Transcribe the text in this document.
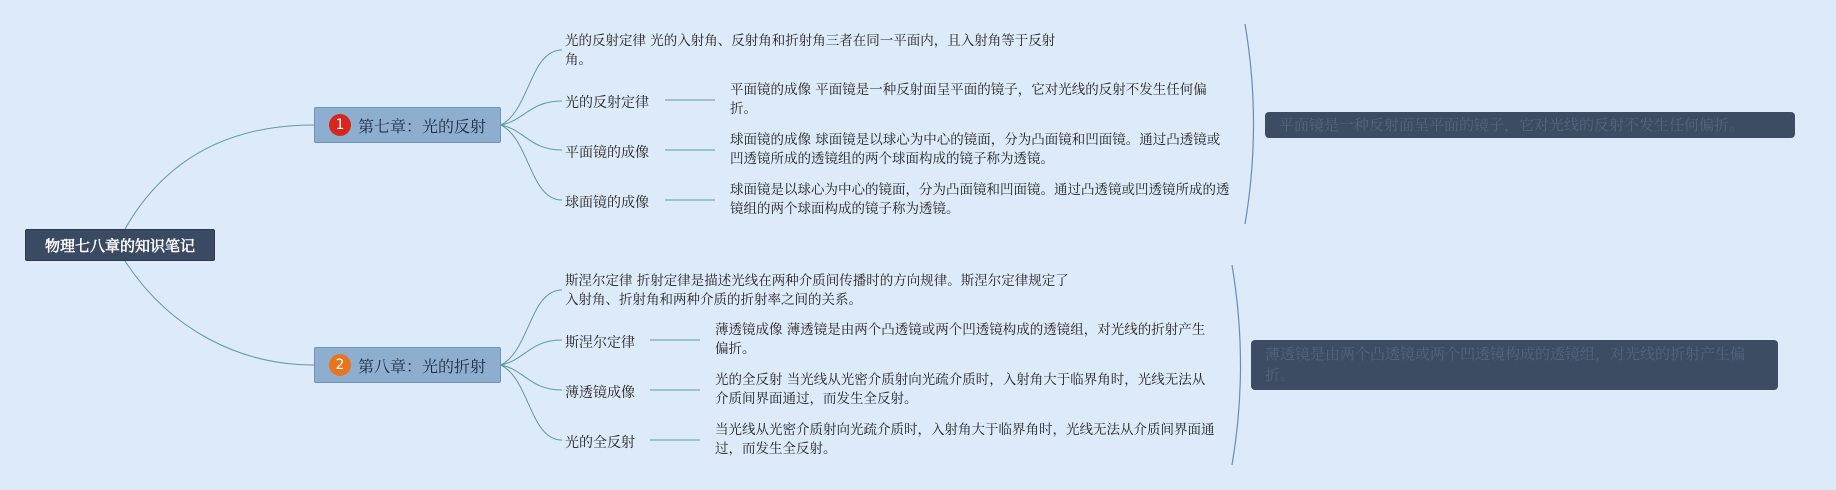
物理七八章的知识笔记
1 第七章：光的反射
光的反射定律 光的入射角、反射角和折射角三者在同一平面内，且入射角等于反射角。
光的反射定律
平面镜的成像 平面镜是一种反射面呈平面的镜子，它对光线的反射不发生任何偏折。
平面镜的成像
球面镜的成像 球面镜是以球心为中心的镜面，分为凸面镜和凹面镜。通过凸透镜或凹透镜所成的透镜组的两个球面构成的镜子称为透镜。
球面镜的成像
球面镜是以球心为中心的镜面，分为凸面镜和凹面镜。通过凸透镜或凹透镜所成的透镜组的两个球面构成的镜子称为透镜。
平面镜是一种反射面呈平面的镜子，它对光线的反射不发生任何偏折。
2 第八章：光的折射
斯涅尔定律 折射定律是描述光线在两种介质间传播时的方向规律。斯涅尔定律规定了入射角、折射角和两种介质的折射率之间的关系。
斯涅尔定律
薄透镜成像 薄透镜是由两个凸透镜或两个凹透镜构成的透镜组，对光线的折射产生偏折。
薄透镜成像
光的全反射 当光线从光密介质射向光疏介质时，入射角大于临界角时，光线无法从介质间界面通过，而发生全反射。
光的全反射
当光线从光密介质射向光疏介质时，入射角大于临界角时，光线无法从介质间界面通过，而发生全反射。
薄透镜是由两个凸透镜或两个凹透镜构成的透镜组，对光线的折射产生偏折。
